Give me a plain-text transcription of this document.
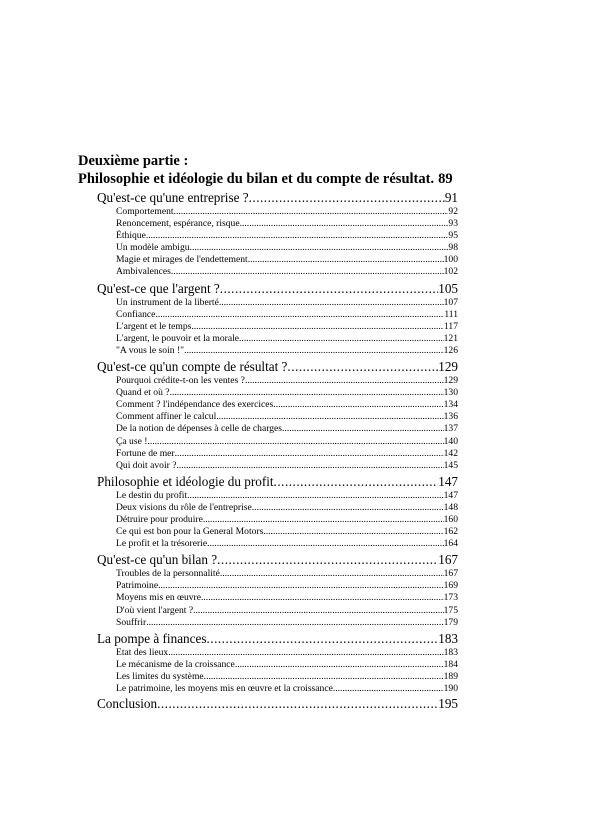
Deuxième partie :
Philosophie et idéologie du bilan et du compte de résultat. 89
Qu'est-ce qu'une entreprise ? .....	91
Comportement .....	92
Renoncement, espérance, risque .....	93
Éthique .....	95
Un modèle ambigu .....	98
Magie et mirages de l'endettement .....	100
Ambivalences .....	102
Qu'est-ce que l'argent ? .....	105
Un instrument de la liberté .....	107
Confiance .....	111
L'argent et le temps .....	117
L'argent, le pouvoir et la morale .....	121
"A vous le soin !" .....	126
Qu'est-ce qu'un compte de résultat ? .....	129
Pourquoi crédite-t-on les ventes ? .....	129
Quand et où ? .....	130
Comment ? l'indépendance des exercices .....	134
Comment affiner le calcul .....	136
De la notion de dépenses à celle de charges .....	137
Ça use ! .....	140
Fortune de mer .....	142
Qui doit avoir ? .....	145
Philosophie et idéologie du profit .....	147
Le destin du profit .....	147
Deux visions du rôle de l'entreprise .....	148
Détruire pour produire .....	160
Ce qui est bon pour la General Motors .....	162
Le profit et la trésorerie .....	164
Qu'est-ce qu'un bilan ? .....	167
Troubles de la personnalité .....	167
Patrimoine .....	169
Moyens mis en œuvre .....	173
D'où vient l'argent ? .....	175
Souffrir .....	179
La pompe à finances .....	183
Etat des lieux .....	183
Le mécanisme de la croissance .....	184
Les limites du système .....	189
Le patrimoine, les moyens mis en œuvre et la croissance .....	190
Conclusion .....	195
